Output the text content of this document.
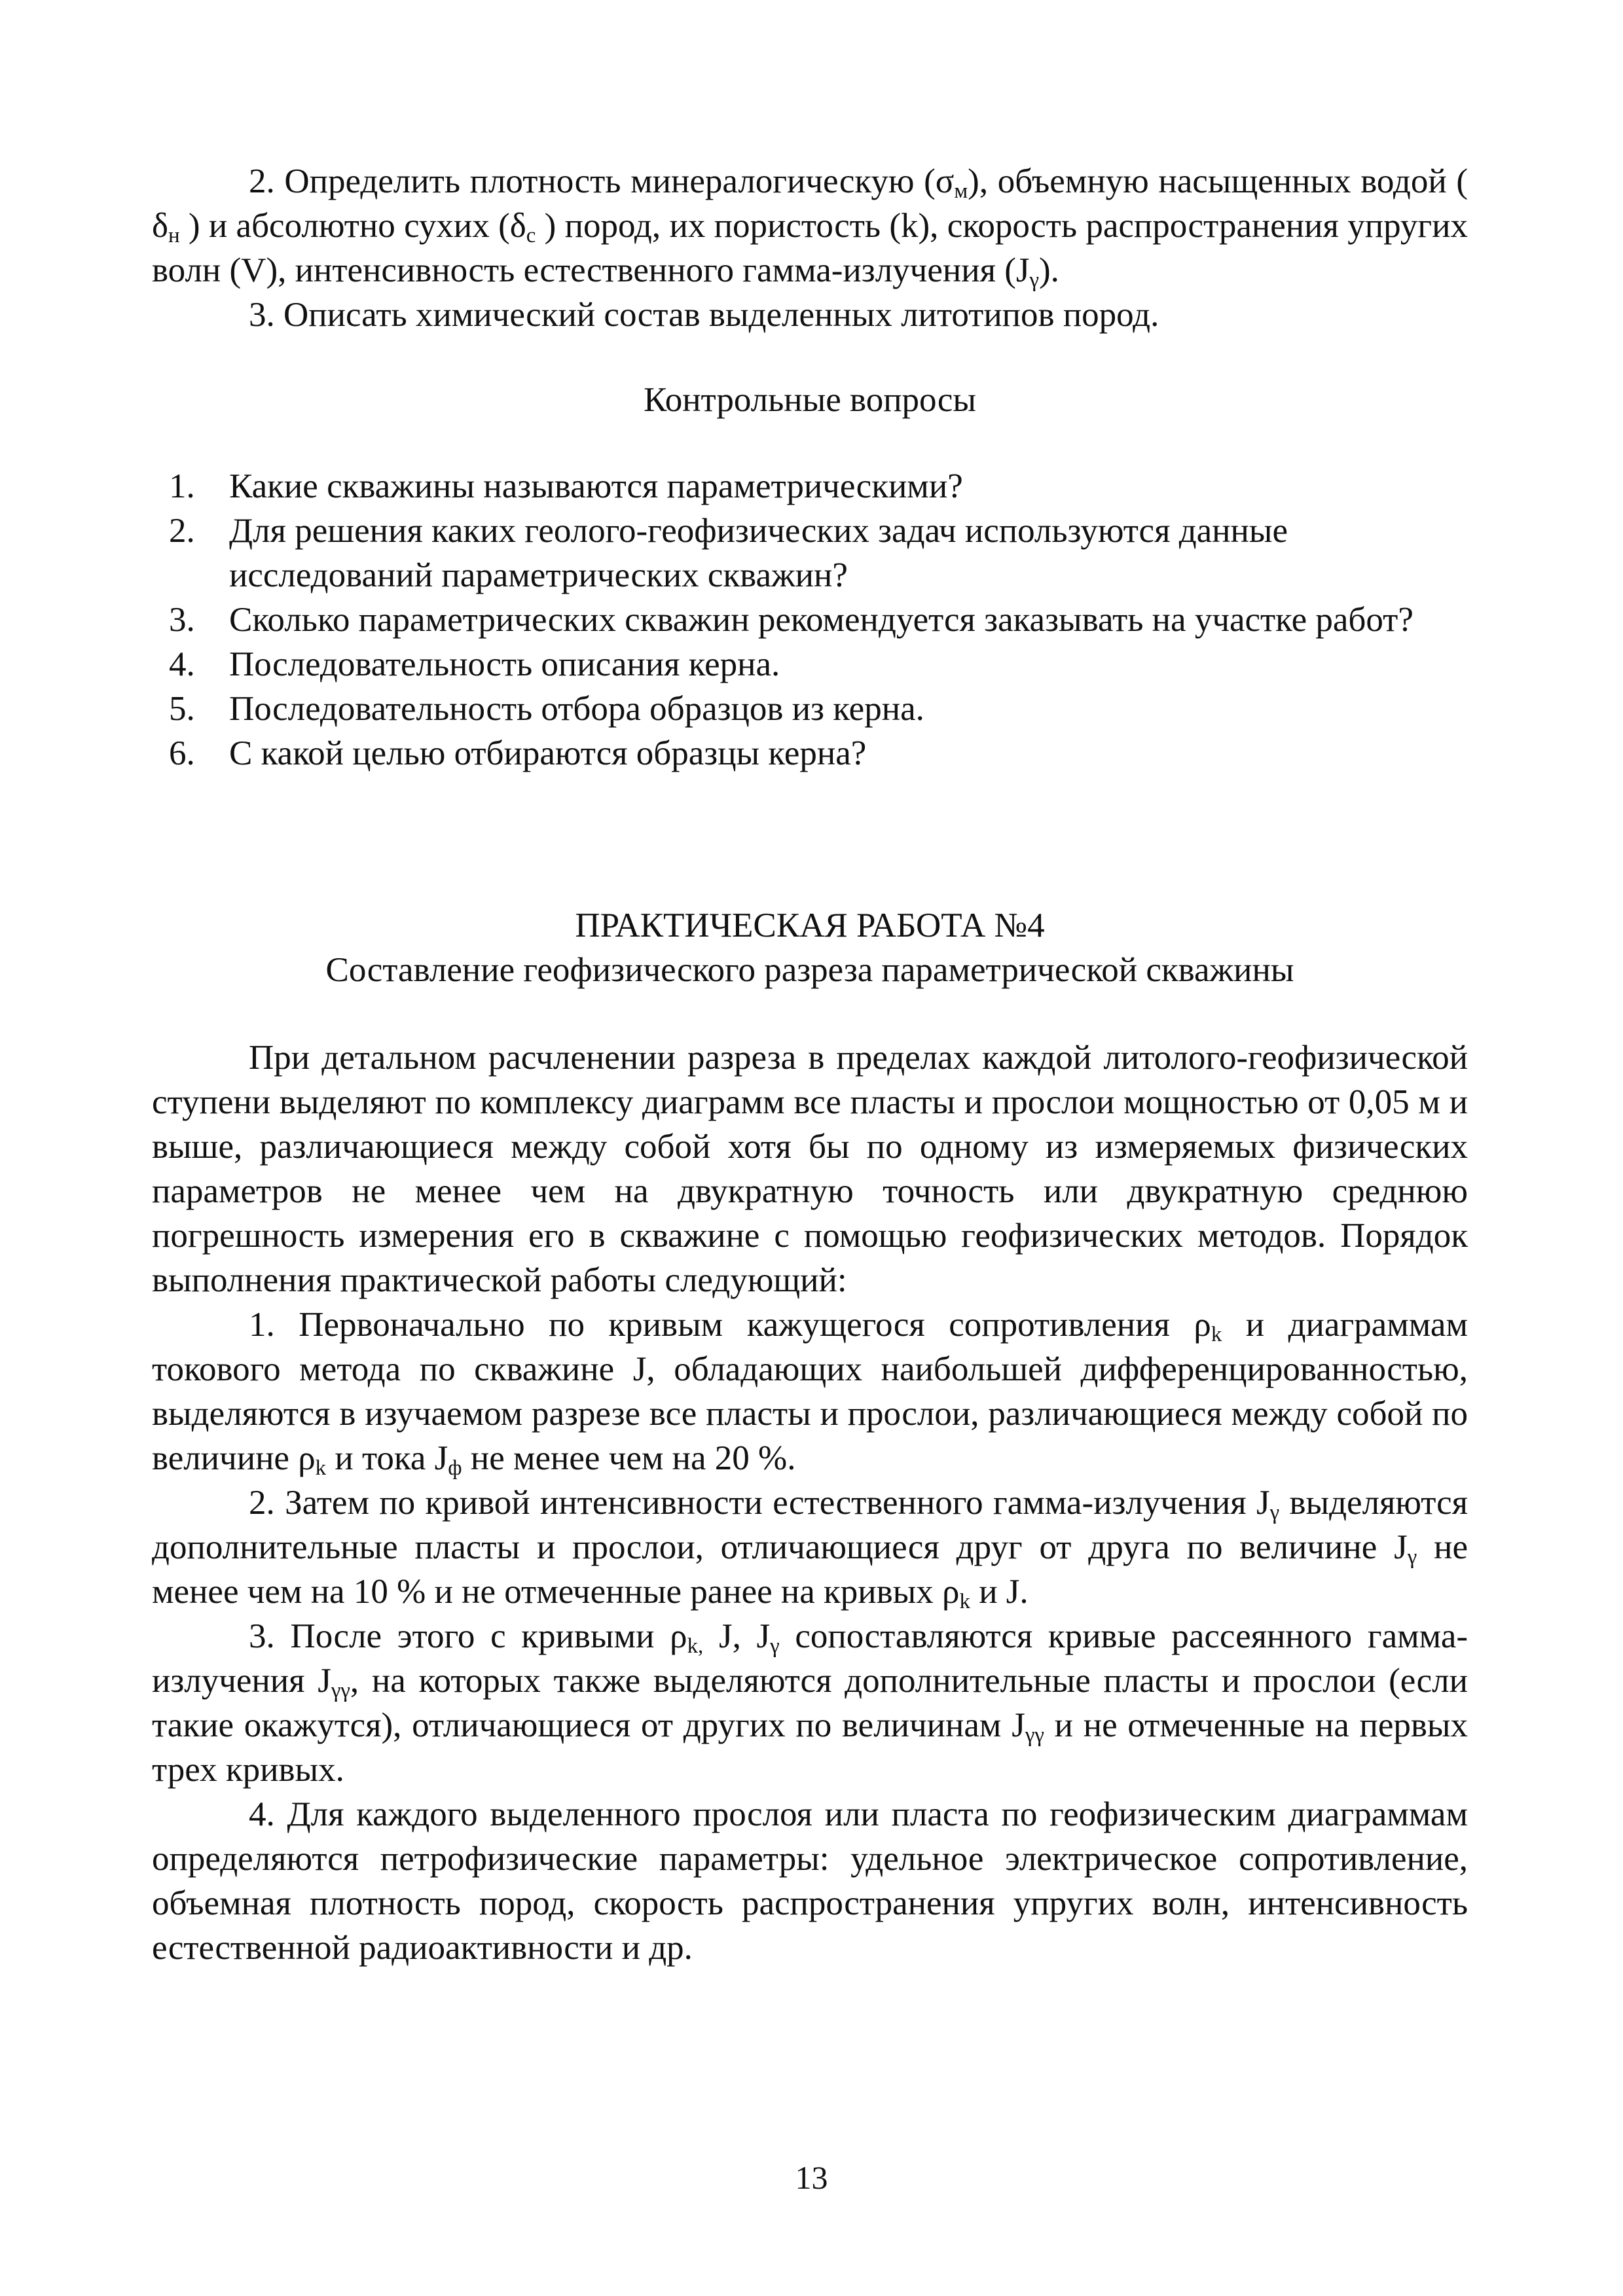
2. Определить плотность минералогическую $(\sigma_м)$, объемную насыщенных водой ( $\delta_н$ ) и абсолютно сухих ($\delta_с$ ) пород, их пористость (k), скорость распространения упругих волн (V), интенсивность естественного гамма-излучения $(J_\gamma)$.

3. Описать химический состав выделенных литотипов пород.

Контрольные вопросы

1. Какие скважины называются параметрическими?
2. Для решения каких геолого-геофизических задач используются данные исследований параметрических скважин?
3. Сколько параметрических скважин рекомендуется заказывать на участке работ?
4. Последовательность описания керна.
5. Последовательность отбора образцов из керна.
6. С какой целью отбираются образцы керна?

ПРАКТИЧЕСКАЯ РАБОТА №4

Составление геофизического разреза параметрической скважины

При детальном расчленении разреза в пределах каждой литолого-геофизической ступени выделяют по комплексу диаграмм все пласты и прослои мощностью от 0,05 м и выше, различающиеся между собой хотя бы по одному из измеряемых физических параметров не менее чем на двукратную точность или двукратную среднюю погрешность измерения его в скважине с помощью геофизических методов. Порядок выполнения практической работы следующий:

1. Первоначально по кривым кажущегося сопротивления $\rho_k$ и диаграммам токового метода по скважине J, обладающих наибольшей дифференцированностью, выделяются в изучаемом разрезе все пласты и прослои, различающиеся между собой по величине $\rho_k$ и тока $J_ф$ не менее чем на 20 %.

2. Затем по кривой интенсивности естественного гамма-излучения $J_\gamma$ выделяются дополнительные пласты и прослои, отличающиеся друг от друга по величине $J_\gamma$ не менее чем на 10 % и не отмеченные ранее на кривых $\rho_k$ и J.

3. После этого с кривыми $\rho_{k,}$ J, $J_\gamma$ сопоставляются кривые рассеянного гамма-излучения $J_{\gamma\gamma}$, на которых также выделяются дополнительные пласты и прослои (если такие окажутся), отличающиеся от других по величинам $J_{\gamma\gamma}$ и не отмеченные на первых трех кривых.

4. Для каждого выделенного прослоя или пласта по геофизическим диаграммам определяются петрофизические параметры: удельное электрическое сопротивление, объемная плотность пород, скорость распространения упругих волн, интенсивность естественной радиоактивности и др.

13
